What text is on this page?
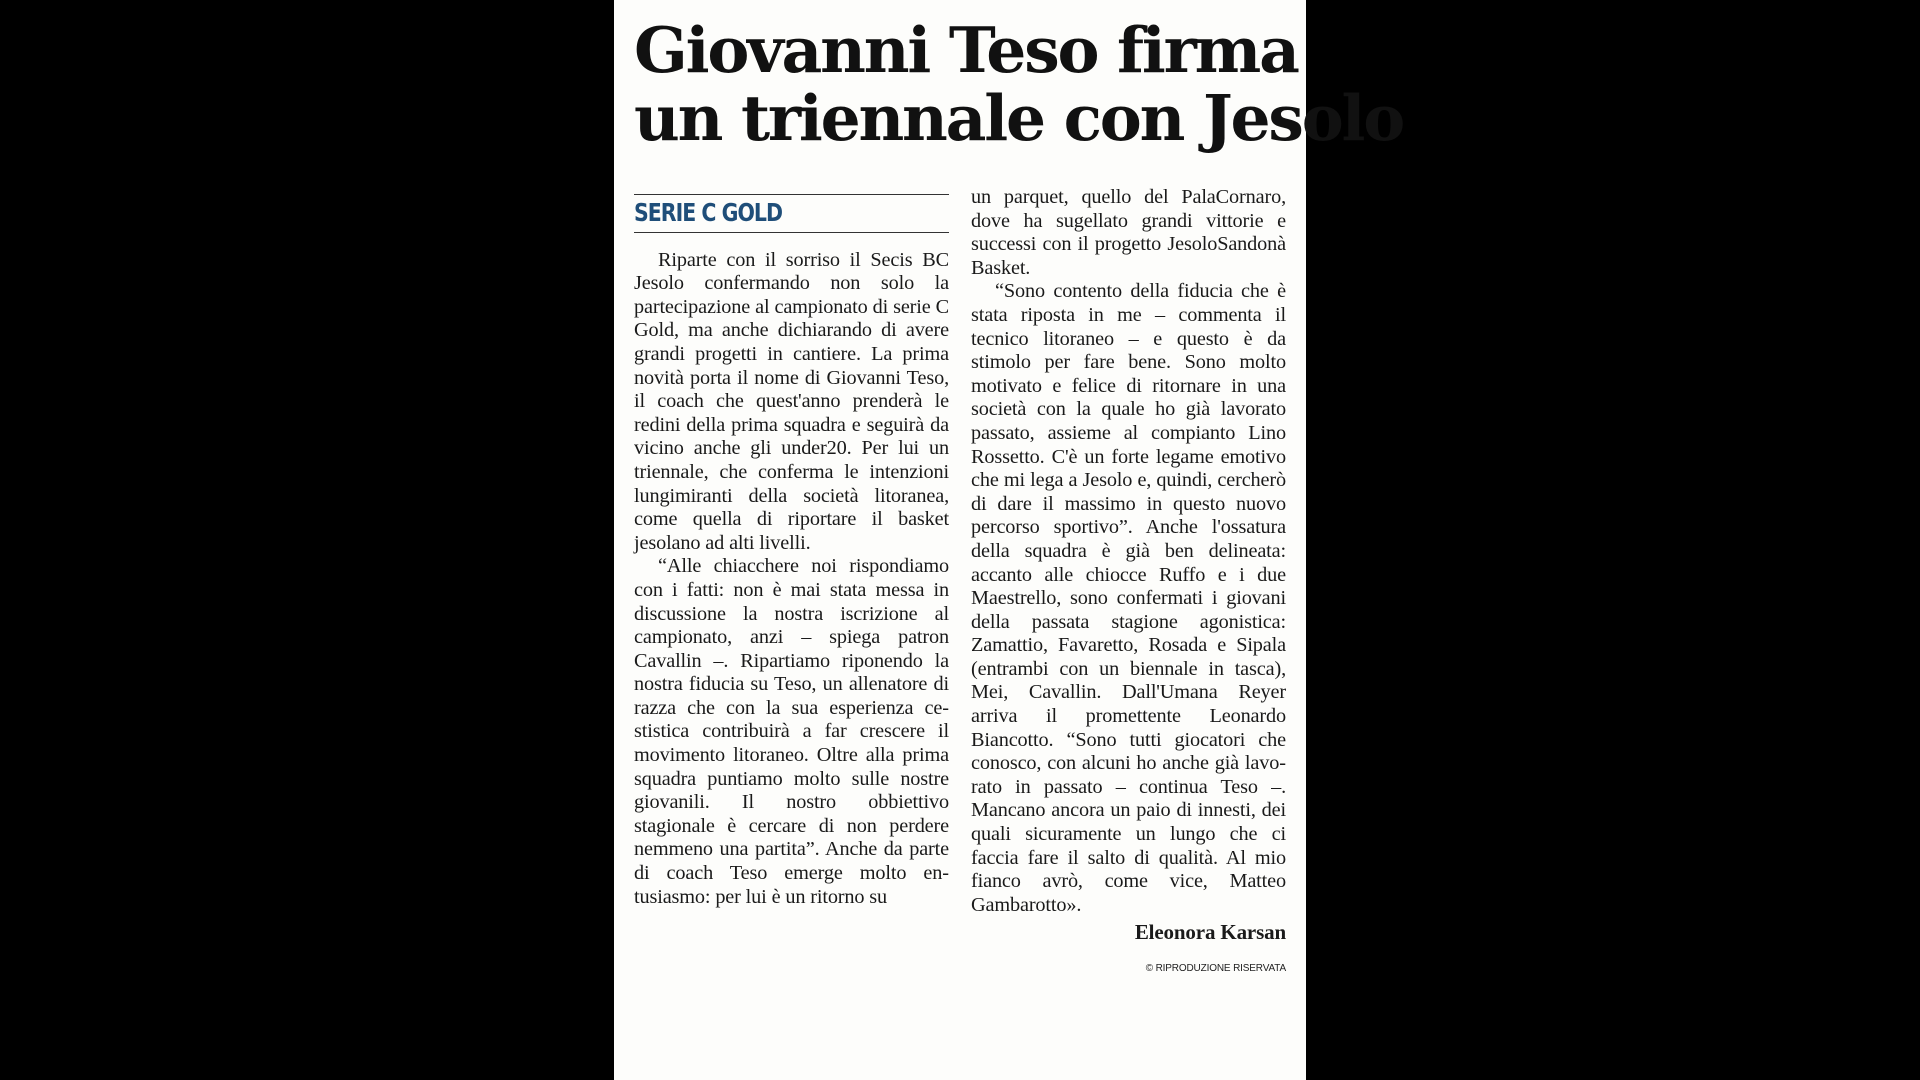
Giovanni Teso firma
un triennale con Jesolo
SERIE C GOLD

Riparte con il sorriso il Secis BC Jesolo confermando non solo la partecipazione al campionato di serie C Gold, ma anche dichiarando di avere grandi progetti in cantiere. La prima novità porta il nome di Giovanni Teso, il coach che quest'anno prenderà le redini della prima squadra e seguirà da vicino anche gli under20. Per lui un triennale, che conferma le intenzioni lungimiranti della società litoranea, come quella di riportare il basket jesolano ad alti livelli.

“Alle chiacchere noi rispondiamo con i fatti: non è mai stata messa in discussione la nostra iscrizione al campionato, anzi – spiega patron Cavallin –. Ripartiamo riponendo la nostra fiducia su Teso, un allenatore di razza che con la sua esperienza cestistica contribuirà a far crescere il movimento litoraneo. Oltre alla prima squadra puntiamo molto sulle nostre giovanili. Il nostro obbiettivo stagionale è cercare di non perdere nemmeno una partita”. Anche da parte di coach Teso emerge molto entusiasmo: per lui è un ritorno su

un parquet, quello del PalaCornaro, dove ha sugellato grandi vittorie e successi con il progetto JesoloSandonà Basket.

“Sono contento della fiducia che è stata riposta in me – commenta il tecnico litoraneo – e questo è da stimolo per fare bene. Sono molto motivato e felice di ritornare in una società con la quale ho già lavorato passato, assieme al compianto Lino Rossetto. C'è un forte legame emotivo che mi lega a Jesolo e, quindi, cercherò di dare il massimo in questo nuovo percorso sportivo”. Anche l'ossatura della squadra è già ben delineata: accanto alle chiocce Ruffo e i due Maestrello, sono confermati i giovani della passata stagione agonistica: Zamattio, Favaretto, Rosada e Sipala (entrambi con un biennale in tasca), Mei, Cavallin. Dall'Umana Reyer arriva il promettente Leonardo Biancotto. “Sono tutti giocatori che conosco, con alcuni ho anche già lavorato in passato – continua Teso –. Mancano ancora un paio di innesti, dei quali sicuramente un lungo che ci faccia fare il salto di qualità. Al mio fianco avrò, come vice, Matteo Gambarotto».

Eleonora Karsan
© RIPRODUZIONE RISERVATA
